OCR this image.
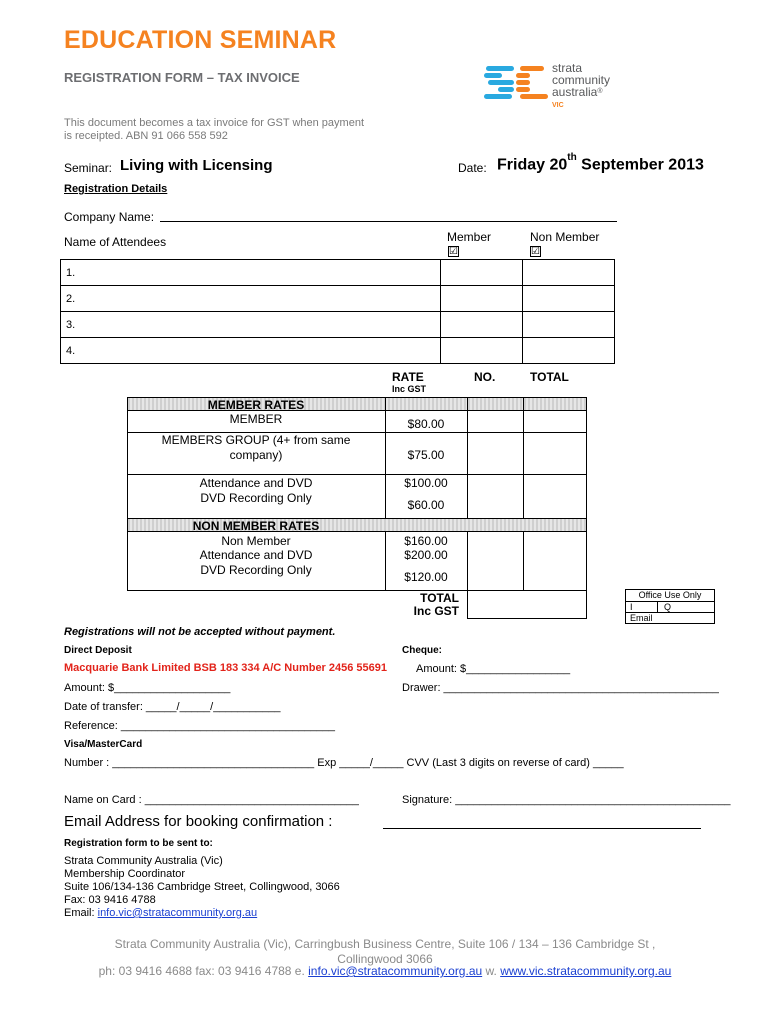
EDUCATION SEMINAR
REGISTRATION FORM – TAX INVOICE
This document becomes a tax invoice for GST when payment
is receipted. ABN 91 066 558 592
strata
community
australia®
VIC
Seminar: Living with Licensing	Date: Friday 20th September 2013
Registration Details
Company Name:
Member	Non Member
☑	☑
Name of Attendees
1.		
2.		
3.		
4.		
RATE
Inc GST
NO.	TOTAL
MEMBER RATES
MEMBER	$80.00
MEMBERS GROUP (4+ from same company)	$75.00
Attendance and DVD	$100.00
DVD Recording Only	$60.00
NON MEMBER RATES
Non Member	$160.00
Attendance and DVD	$200.00
DVD Recording Only	$120.00
TOTAL
Inc GST
Office Use Only
I	Q
Email
Registrations will not be accepted without payment.
Direct Deposit	Cheque:
Macquarie Bank Limited BSB 183 334 A/C Number 2456 55691	Amount: $_________________
Amount: $___________________	Drawer: _____________________________________________
Date of transfer: _____/_____/___________
Reference: ___________________________________
Visa/MasterCard
Number : _________________________________ Exp _____/_____ CVV (Last 3 digits on reverse of card) _____
Name on Card : ___________________________________	Signature: _____________________________________________
Email Address for booking confirmation :
Registration form to be sent to:
Strata Community Australia (Vic)
Membership Coordinator
Suite 106/134-136 Cambridge Street, Collingwood, 3066
Fax: 03 9416 4788
Email: info.vic@stratacommunity.org.au
Strata Community Australia (Vic), Carringbush Business Centre, Suite 106 / 134 – 136 Cambridge St ,
Collingwood 3066
ph: 03 9416 4688 fax: 03 9416 4788 e. info.vic@stratacommunity.org.au w. www.vic.stratacommunity.org.au
